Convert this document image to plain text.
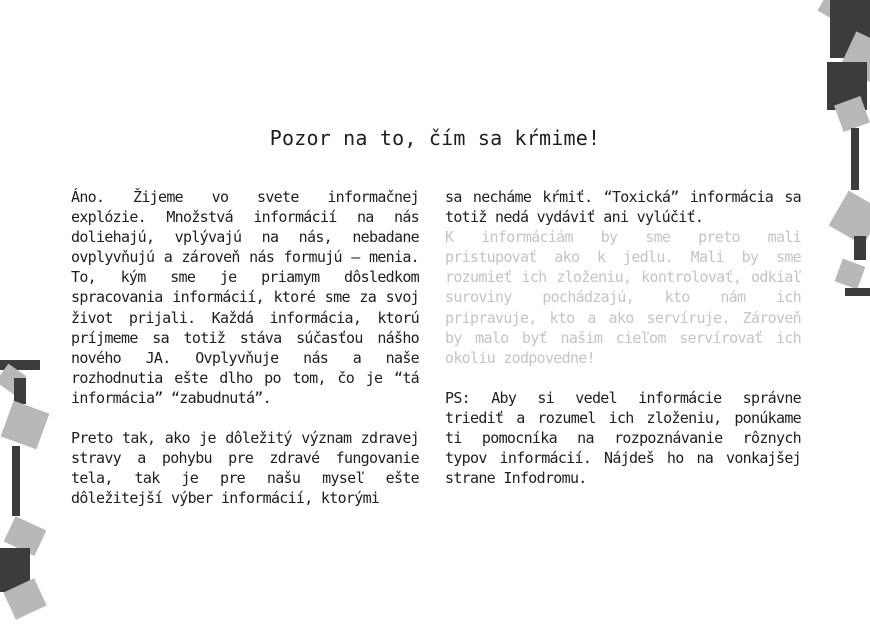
Pozor na to, čím sa kŕmime!

Áno. Žijeme vo svete informačnej explózie. Množstvá informácií na nás doliehajú, vplývajú na nás, nebadane ovplyvňujú a zároveň nás formujú – menia. To, kým sme je priamym dôsledkom spracovania informácií, ktoré sme za svoj život prijali. Každá informácia, ktorú príjmeme sa totiž stáva súčasťou nášho nového JA. Ovplyvňuje nás a naše rozhodnutia ešte dlho po tom, čo je “tá informácia” “zabudnutá”.

Preto tak, ako je dôležitý význam zdravej stravy a pohybu pre zdravé fungovanie tela, tak je pre našu myseľ ešte dôležitejší výber informácií, ktorými

sa necháme kŕmiť. “Toxická” informácia sa totiž nedá vydáviť ani vylúčiť.

K informáciám by sme preto mali pristupovať ako k jedlu. Mali by sme rozumieť ich zloženiu, kontrolovať, odkiaľ suroviny pochádzajú, kto nám ich pripravuje, kto a ako servíruje. Zároveň by malo byť našim cieľom servírovať ich okoliu zodpovedne!

PS: Aby si vedel informácie správne triediť a rozumel ich zloženiu, ponúkame ti pomocníka na rozpoznávanie rôznych typov informácií. Nájdeš ho na vonkajšej strane Infodromu.
